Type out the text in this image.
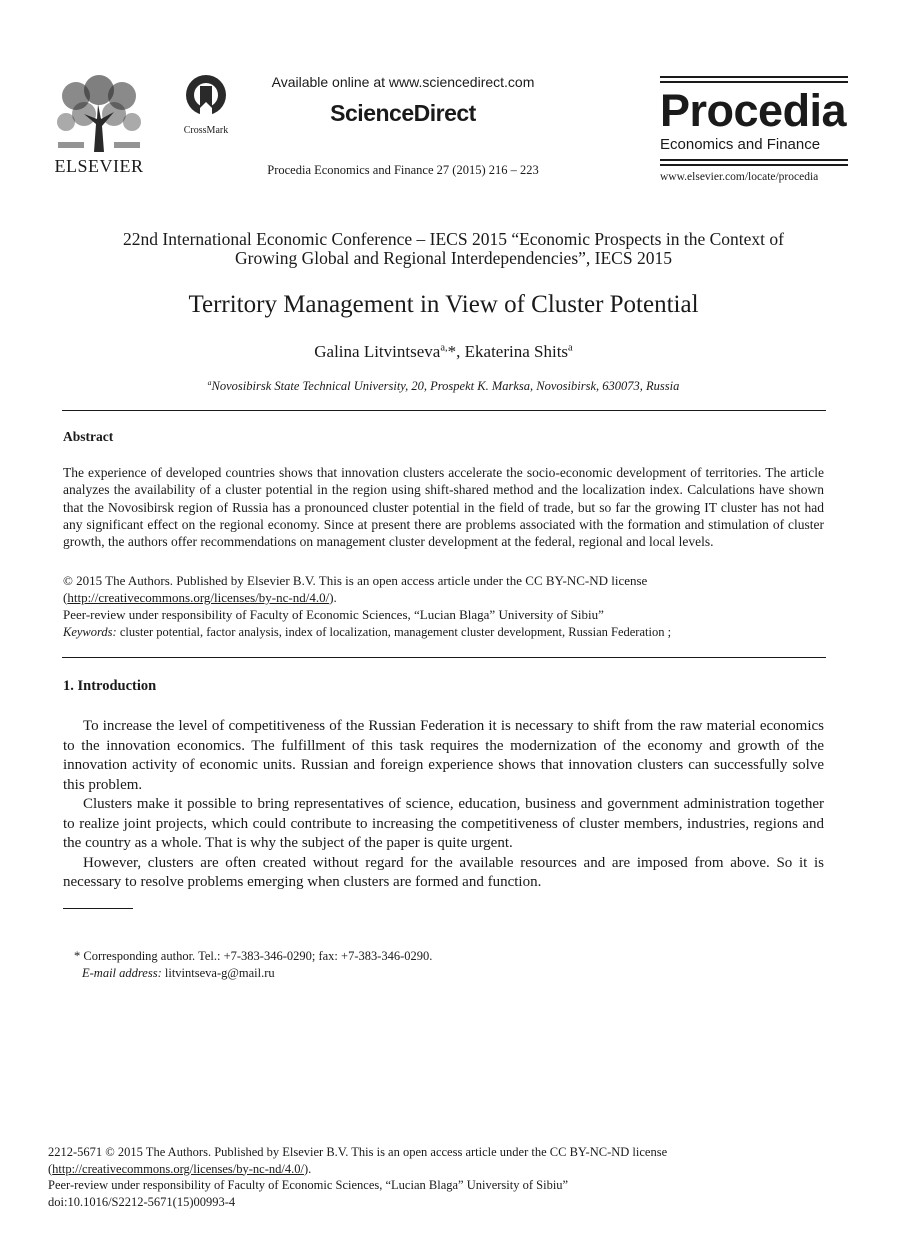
ELSEVIER
CrossMark
Available online at www.sciencedirect.com
ScienceDirect
Procedia Economics and Finance 27 (2015) 216 – 223
Procedia
Economics and Finance
www.elsevier.com/locate/procedia
22nd International Economic Conference – IECS 2015 “Economic Prospects in the Context of
Growing Global and Regional Interdependencies”, IECS 2015
Territory Management in View of Cluster Potential
Galina Litvintseva$^{a,}$*, Ekaterina Shits$^a$
$^a$Novosibirsk State Technical University, 20, Prospekt K. Marksa, Novosibirsk, 630073, Russia
Abstract
The experience of developed countries shows that innovation clusters accelerate the socio-economic development of territories. The article analyzes the availability of a cluster potential in the region using shift-shared method and the localization index. Calculations have shown that the Novosibirsk region of Russia has a pronounced cluster potential in the field of trade, but so far the growing IT cluster has not had any significant effect on the regional economy. Since at present there are problems associated with the formation and stimulation of cluster growth, the authors offer recommendations on management cluster development at the federal, regional and local levels.
© 2015 The Authors. Published by Elsevier B.V. This is an open access article under the CC BY-NC-ND license
(http://creativecommons.org/licenses/by-nc-nd/4.0/).
Peer-review under responsibility of Faculty of Economic Sciences, “Lucian Blaga” University of Sibiu”
Keywords: cluster potential, factor analysis, index of localization, management cluster development, Russian Federation ;
1. Introduction

To increase the level of competitiveness of the Russian Federation it is necessary to shift from the raw material economics to the innovation economics. The fulfillment of this task requires the modernization of the economy and growth of the innovation activity of economic units. Russian and foreign experience shows that innovation clusters can successfully solve this problem.

Clusters make it possible to bring representatives of science, education, business and government administration together to realize joint projects, which could contribute to increasing the competitiveness of cluster members, industries, regions and the country as a whole. That is why the subject of the paper is quite urgent.

However, clusters are often created without regard for the available resources and are imposed from above. So it is necessary to resolve problems emerging when clusters are formed and function.

* Corresponding author. Tel.: +7-383-346-0290; fax: +7-383-346-0290.
E-mail address: litvintseva-g@mail.ru
2212-5671 © 2015 The Authors. Published by Elsevier B.V. This is an open access article under the CC BY-NC-ND license
(http://creativecommons.org/licenses/by-nc-nd/4.0/).
Peer-review under responsibility of Faculty of Economic Sciences, “Lucian Blaga” University of Sibiu”
doi:10.1016/S2212-5671(15)00993-4
